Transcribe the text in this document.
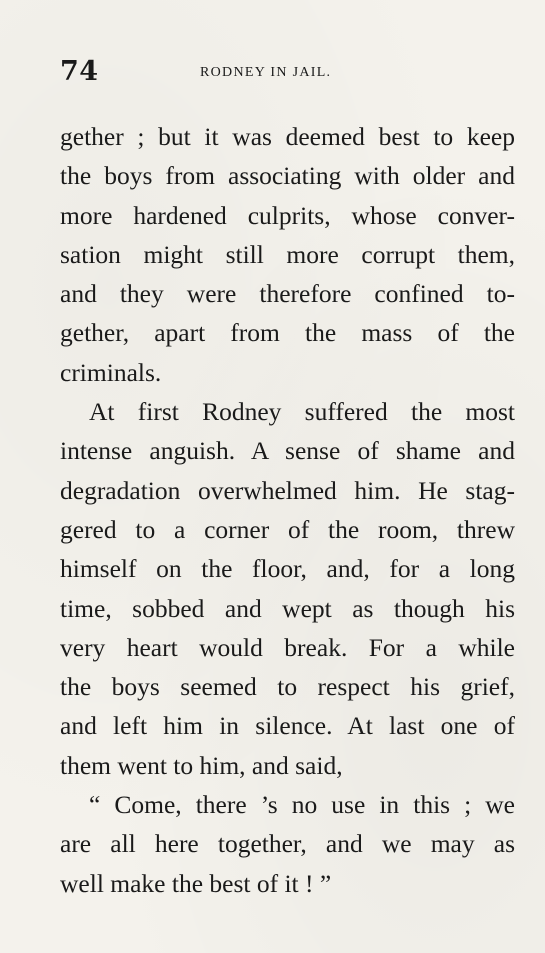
74	RODNEY IN JAIL.
gether ; but it was deemed best to keep
the boys from associating with older and
more hardened culprits, whose conver-
sation might still more corrupt them,
and they were therefore confined to-
gether, apart from the mass of the
criminals.
At first Rodney suffered the most
intense anguish. A sense of shame and
degradation overwhelmed him. He stag-
gered to a corner of the room, threw
himself on the floor, and, for a long
time, sobbed and wept as though his
very heart would break. For a while
the boys seemed to respect his grief,
and left him in silence. At last one of
them went to him, and said,
“ Come, there ’s no use in this ; we
are all here together, and we may as
well make the best of it ! ”
